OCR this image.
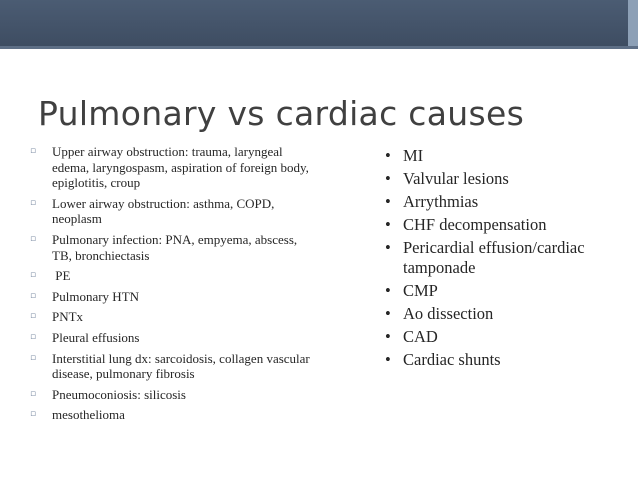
Pulmonary vs cardiac causes
▫ Upper airway obstruction: trauma, laryngeal edema, laryngospasm, aspiration of foreign body, epiglotitis, croup
▫ Lower airway obstruction: asthma, COPD, neoplasm
▫ Pulmonary infection: PNA, empyema, abscess, TB, bronchiectasis
▫ PE
▫ Pulmonary HTN
▫ PNTx
▫ Pleural effusions
▫ Interstitial lung dx: sarcoidosis, collagen vascular disease, pulmonary fibrosis
▫ Pneumoconiosis: silicosis
▫ mesothelioma
• MI
• Valvular lesions
• Arrythmias
• CHF decompensation
• Pericardial effusion/cardiac tamponade
• CMP
• Ao dissection
• CAD
• Cardiac shunts
